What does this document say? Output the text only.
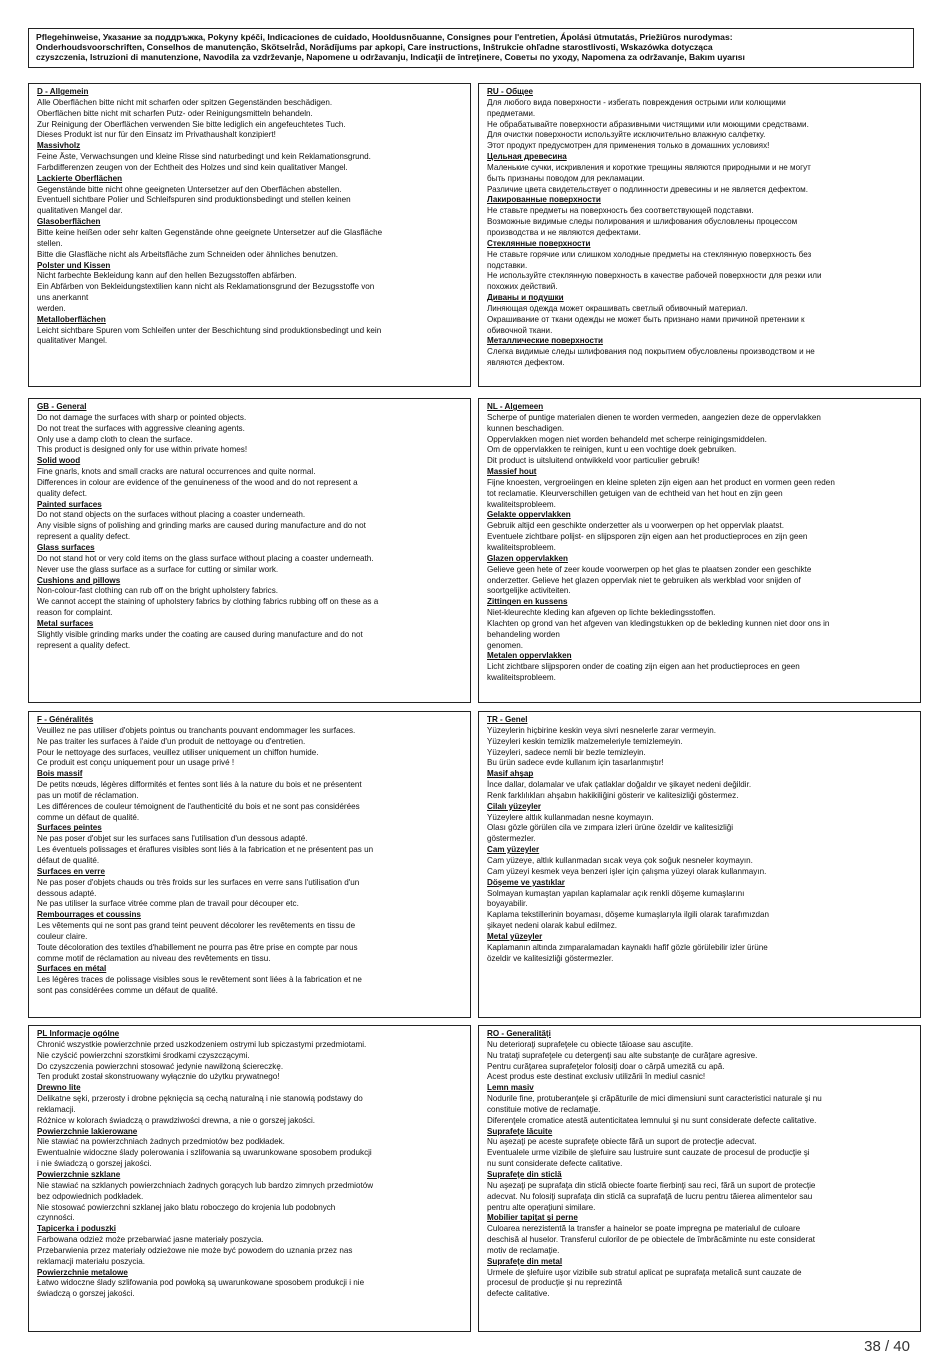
Pflegehinweise, Указание за поддръжка, Pokyny kpéči, Indicaciones de cuidado, Hooldusnõuanne, Consignes pour l'entretien, Ápolási útmutatás, Priežiūros nurodymas:
Onderhoudsvoorschriften, Conselhos de manutenção, Skötselråd, Norādījums par apkopi, Care instructions, Inštrukcie ohľadne starostlivosti, Wskazówka dotycząca
czyszczenia, Istruzioni di manutenzione, Navodila za vzdrževanje, Napomene u održavanju, Indicaţii de întreţinere, Советы по уходу, Napomena za održavanje, Bakım uyarısı
D - Allgemein
Alle Oberflächen bitte nicht mit scharfen oder spitzen Gegenständen beschädigen.
Oberflächen bitte nicht mit scharfen Putz- oder Reinigungsmitteln behandeln.
Zur Reinigung der Oberflächen verwenden Sie bitte lediglich ein angefeuchtetes Tuch.
Dieses Produkt ist nur für den Einsatz im Privathaushalt konzipiert!
Massivholz
Feine Äste, Verwachsungen und kleine Risse sind naturbedingt und kein Reklamationsgrund.
Farbdifferenzen zeugen von der Echtheit des Holzes und sind kein qualitativer Mangel.
Lackierte Oberflächen
Gegenstände bitte nicht ohne geeigneten Untersetzer auf den Oberflächen abstellen.
Eventuell sichtbare Polier und Schleifspuren sind produktionsbedingt und stellen keinen
qualitativen Mangel dar.
Glasoberflächen
Bitte keine heißen oder sehr kalten Gegenstände ohne geeignete Untersetzer auf die Glasfläche
stellen.
Bitte die Glasfläche nicht als Arbeitsfläche zum Schneiden oder ähnliches benutzen.
Polster und Kissen
Nicht farbechte Bekleidung kann auf den hellen Bezugsstoffen abfärben.
Ein Abfärben von Bekleidungstextilien kann nicht als Reklamationsgrund der Bezugsstoffe von
uns anerkannt
werden.
Metalloberflächen
Leicht sichtbare Spuren vom Schleifen unter der Beschichtung sind produktionsbedingt und kein
qualitativer Mangel.
RU - Общее
Для любого вида поверхности - избегать повреждения острыми или колющими
предметами.
Не обрабатывайте поверхности абразивными чистящими или моющими средствами.
Для очистки поверхности используйте исключительно влажную салфетку.
Этот продукт предусмотрен для применения только в домашних условиях!
Цельная древесина
Маленькие сучки, искривления и короткие трещины являются природными и не могут
быть признаны поводом для рекламации.
Различие цвета свидетельствует о подлинности древесины и не является дефектом.
Лакированные поверхности
Не ставьте предметы на поверхность без соответствующей подставки.
Возможные видимые следы полирования и шлифования обусловлены процессом
производства и не являются дефектами.
Стеклянные поверхности
Не ставьте горячие или слишком холодные предметы на стеклянную поверхность без
подставки.
Не используйте стеклянную поверхность в качестве рабочей поверхности для резки или
похожих действий.
Диваны и подушки
Линяющая одежда может окрашивать светлый обивочный материал.
Окрашивание от ткани одежды не может быть признано нами причиной претензии к
обивочной ткани.
Металлические поверхности
Слегка видимые следы шлифования под покрытием обусловлены производством и не
являются дефектом.
GB - General
Do not damage the surfaces with sharp or pointed objects.
Do not treat the surfaces with aggressive cleaning agents.
Only use a damp cloth to clean the surface.
This product is designed only for use within private homes!
Solid wood
Fine gnarls, knots and small cracks are natural occurrences and quite normal.
Differences in colour are evidence of the genuineness of the wood and do not represent a
quality defect.
Painted surfaces
Do not stand objects on the surfaces without placing a coaster underneath.
Any visible signs of polishing and grinding marks are caused during manufacture and do not
represent a quality defect.
Glass surfaces
Do not stand hot or very cold items on the glass surface without placing a coaster underneath.
Never use the glass surface as a surface for cutting or similar work.
Cushions and pillows
Non-colour-fast clothing can rub off on the bright upholstery fabrics.
We cannot accept the staining of upholstery fabrics by clothing fabrics rubbing off on these as a
reason for complaint.
Metal surfaces
Slightly visible grinding marks under the coating are caused during manufacture and do not
represent a quality defect.
NL - Algemeen
Scherpe of puntige materialen dienen te worden vermeden, aangezien deze de oppervlakken
kunnen beschadigen.
Oppervlakken mogen niet worden behandeld met scherpe reinigingsmiddelen.
Om de oppervlakken te reinigen, kunt u een vochtige doek gebruiken.
Dit product is uitsluitend ontwikkeld voor particulier gebruik!
Massief hout
Fijne knoesten, vergroeiingen en kleine spleten zijn eigen aan het product en vormen geen reden
tot reclamatie. Kleurverschillen getuigen van de echtheid van het hout en zijn geen
kwaliteitsprobleem.
Gelakte oppervlakken
Gebruik altijd een geschikte onderzetter als u voorwerpen op het oppervlak plaatst.
Eventuele zichtbare polijst- en slijpsporen zijn eigen aan het productieproces en zijn geen
kwaliteitsprobleem.
Glazen oppervlakken
Gelieve geen hete of zeer koude voorwerpen op het glas te plaatsen zonder een geschikte
onderzetter. Gelieve het glazen oppervlak niet te gebruiken als werkblad voor snijden of
soortgelijke activiteiten.
Zittingen en kussens
Niet-kleurechte kleding kan afgeven op lichte bekledingsstoffen.
Klachten op grond van het afgeven van kledingstukken op de bekleding kunnen niet door ons in
behandeling worden
genomen.
Metalen oppervlakken
Licht zichtbare slijpsporen onder de coating zijn eigen aan het productieproces en geen
kwaliteitsprobleem.
F - Généralités
Veuillez ne pas utiliser d'objets pointus ou tranchants pouvant endommager les surfaces.
Ne pas traiter les surfaces à l'aide d'un produit de nettoyage ou d'entretien.
Pour le nettoyage des surfaces, veuillez utiliser uniquement un chiffon humide.
Ce produit est conçu uniquement pour un usage privé !
Bois massif
De petits nœuds, légères difformités et fentes sont liés à la nature du bois et ne présentent
pas un motif de réclamation.
Les différences de couleur témoignent de l'authenticité du bois et ne sont pas considérées
comme un défaut de qualité.
Surfaces peintes
Ne pas poser d'objet sur les surfaces sans l'utilisation d'un dessous adapté.
Les éventuels polissages et éraflures visibles sont liés à la fabrication et ne présentent pas un
défaut de qualité.
Surfaces en verre
Ne pas poser d'objets chauds ou très froids sur les surfaces en verre sans l'utilisation d'un
dessous adapté.
Ne pas utiliser la surface vitrée comme plan de travail pour découper etc.
Rembourrages et coussins
Les vêtements qui ne sont pas grand teint peuvent décolorer les revêtements en tissu de
couleur claire.
Toute décoloration des textiles d'habillement ne pourra pas être prise en compte par nous
comme motif de réclamation au niveau des revêtements en tissu.
Surfaces en métal
Les légères traces de polissage visibles sous le revêtement sont liées à la fabrication et ne
sont pas considérées comme un défaut de qualité.
TR - Genel
Yüzeylerin hiçbirine keskin veya sivri nesnelerle zarar vermeyin.
Yüzeyleri keskin temizlik malzemeleriyle temizlemeyin.
Yüzeyleri, sadece nemli bir bezle temizleyin.
Bu ürün sadece evde kullanım için tasarlanmıştır!
Masif ahşap
İnce dallar, dolamalar ve ufak çatlaklar doğaldır ve şikayet nedeni değildir.
Renk farklılıkları ahşabın hakikiliğini gösterir ve kalitesizliği göstermez.
Cilalı yüzeyler
Yüzeylere altlık kullanmadan nesne koymayın.
Olası gözle görülen cila ve zımpara izleri ürüne özeldir ve kalitesizliği
göstermezler.
Cam yüzeyler
Cam yüzeye, altlık kullanmadan sıcak veya çok soğuk nesneler koymayın.
Cam yüzeyi kesmek veya benzeri işler için çalışma yüzeyi olarak kullanmayın.
Döşeme ve yastıklar
Solmayan kumaştan yapılan kaplamalar açık renkli döşeme kumaşlarını
boyayabilir.
Kaplama tekstillerinin boyaması, döşeme kumaşlarıyla ilgili olarak tarafımızdan
şikayet nedeni olarak kabul edilmez.
Metal yüzeyler
Kaplamanın altında zımparalamadan kaynaklı hafif gözle görülebilir izler ürüne
özeldir ve kalitesizliği göstermezler.
PL Informacje ogólne
Chronić wszystkie powierzchnie przed uszkodzeniem ostrymi lub spiczastymi przedmiotami.
Nie czyścić powierzchni szorstkimi środkami czyszczącymi.
Do czyszczenia powierzchni stosować jedynie nawilżoną ściereczkę.
Ten produkt został skonstruowany wyłącznie do użytku prywatnego!
Drewno lite
Delikatne sęki, przerosty i drobne pęknięcia są cechą naturalną i nie stanowią podstawy do
reklamacji.
Różnice w kolorach świadczą o prawdziwości drewna, a nie o gorszej jakości.
Powierzchnie lakierowane
Nie stawiać na powierzchniach żadnych przedmiotów bez podkładek.
Ewentualnie widoczne ślady polerowania i szlifowania są uwarunkowane sposobem produkcji
i nie świadczą o gorszej jakości.
Powierzchnie szklane
Nie stawiać na szklanych powierzchniach żadnych gorących lub bardzo zimnych przedmiotów
bez odpowiednich podkładek.
Nie stosować powierzchni szklanej jako blatu roboczego do krojenia lub podobnych
czynności.
Tapicerka i poduszki
Farbowana odzież może przebarwiać jasne materiały poszycia.
Przebarwienia przez materiały odzieżowe nie może być powodem do uznania przez nas
reklamacji materiału poszycia.
Powierzchnie metalowe
Łatwo widoczne ślady szlifowania pod powłoką są uwarunkowane sposobem produkcji i nie
świadczą o gorszej jakości.
RO - Generalităţi
Nu deterioraţi suprafeţele cu obiecte tăioase sau ascuţite.
Nu trataţi suprafeţele cu detergenţi sau alte substanţe de curăţare agresive.
Pentru curăţarea suprafeţelor folosiţi doar o cârpă umezită cu apă.
Acest produs este destinat exclusiv utilizării în mediul casnic!
Lemn masiv
Nodurile fine, protuberanţele şi crăpăturile de mici dimensiuni sunt caracteristici naturale şi nu
constituie motive de reclamaţie.
Diferenţele cromatice atestă autenticitatea lemnului şi nu sunt considerate defecte calitative.
Suprafeţe lăcuite
Nu aşezaţi pe aceste suprafeţe obiecte fără un suport de protecţie adecvat.
Eventualele urme vizibile de şlefuire sau lustruire sunt cauzate de procesul de producţie şi
nu sunt considerate defecte calitative.
Suprafeţe din sticlă
Nu aşezaţi pe suprafaţa din sticlă obiecte foarte fierbinţi sau reci, fără un suport de protecţie
adecvat. Nu folosiţi suprafaţa din sticlă ca suprafaţă de lucru pentru tăierea alimentelor sau
pentru alte operaţiuni similare.
Mobilier tapiţat şi perne
Culoarea nerezistentă la transfer a hainelor se poate impregna pe materialul de culoare
deschisă al huselor. Transferul culorilor de pe obiectele de îmbrăcăminte nu este considerat
motiv de reclamaţie.
Suprafeţe din metal
Urmele de şlefuire uşor vizibile sub stratul aplicat pe suprafaţa metalică sunt cauzate de
procesul de producţie şi nu reprezintă
defecte calitative.
38 / 40
